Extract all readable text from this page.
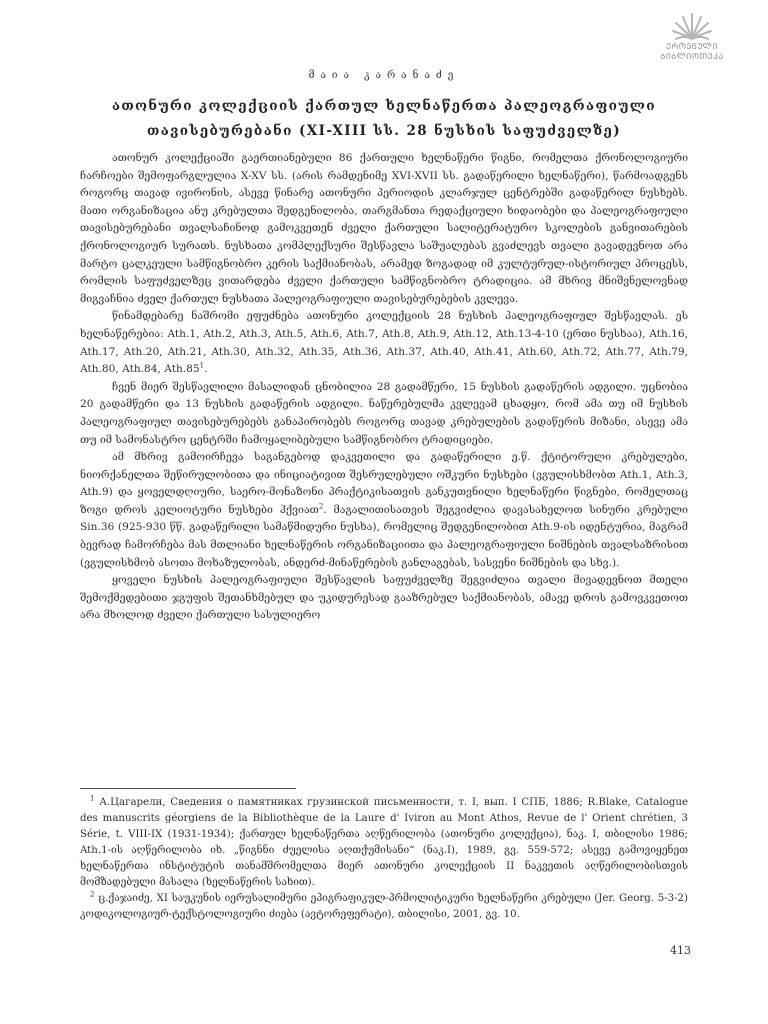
ᲔᲠᲝᲕᲜᲣᲚᲘ
ᲑᲘᲑᲚᲘᲝᲗᲔᲙᲐ
მაია კარანაძე
ათონური კოლექციის ქართულ ხელნაწერთა პალეოგრაფიული თავისებურებანი (XI-XIII სს. 28 ნუსხის საფუძველზე)

ათონურ კოლექციაში გაერთიანებული 86 ქართული ხელნაწერი წიგნი, რომელთა ქრონოლოგიური ჩარჩოები შემოფარგლულია X-XV სს. (არის რამდენიმე XVI-XVII სს. გადაწერილი ხელნაწერი), წარმოადგენს როგორც თავად ივირონის, ასევე წინარე ათონური პერიოდის კლარჯულ ცენტრებში გადაწერილ ნუსხებს. მათი ორგანიზაცია ანუ კრებულთა შედგენილობა, თარგმანთა რედაქციული ხიდაობები და პალეოგრაფიული თავისებურებანი თვალსაჩინოდ გამოკვეთენ ძველი ქართული სალიტერატურო სკოლების განვითარების ქრონოლოგიურ სურათს. ნუსხათა კომპლექსური შესწავლა საშუალებას გვაძლევს თვალი გავადევნოთ არა მარტო ცალკეული სამწიგნობრო კერის საქმიანობას, არამედ ზოგადად იმ კულტურულ-ისტორიულ პროცესს, რომლის საფუძველზეც ვითარდება ძველი ქართული სამწიგნობრო ტრადიცია. ამ მხრივ მნიშვნელოვნად მიგვაჩნია ძველ ქართულ ნუსხათა პალეოგრაფიული თავისებურებების კვლევა.

წინამდებარე ნაშრომი ეფუძნება ათონური კოლექციის 28 ნუსხის პალეოგრაფიულ შესწავლას. ეს ხელნაწერებია: Ath.1, Ath.2, Ath.3, Ath.5, Ath.6, Ath.7, Ath.8, Ath.9, Ath.12, Ath.13-4-10 (ერთი ნუსხაა), Ath.16, Ath.17, Ath.20, Ath.21, Ath.30, Ath.32, Ath.35, Ath.36, Ath.37, Ath.40, Ath.41, Ath.60, Ath.72, Ath.77, Ath.79, Ath.80, Ath.84, $Ath.85^1$.

ჩვენ მიერ შესწავლილი მასალიდან ცნობილია 28 გადამწერი, 15 ნუსხის გადაწერის ადგილი. უცნობია 20 გადამწერი და 13 ნუსხის გადაწერის ადგილი. ნაწერებულმა კვლევამ ცხადყო, რომ ამა თუ იმ ნუსხის პალეოგრაფიულ თავისებურებებს განაპირობებს როგორც თავად კრებულების გადაწერის მიზანი, ასევე ამა თუ იმ სამონასტრო ცენტრში ჩამოყალიბებული სამწიგნობრო ტრადიციები.

ამ მხრივ გამოირჩევა საგანგებოდ დაკვეთილი და გადაწერილი ე.წ. ქტიტორული კრებულები, ნიორქანელთა შეწირულობითა და ინიციატივით შესრულებული ოშკური ნუსხები (ვგულისხმობთ Ath.1, Ath.3, Ath.9) და ყოველდღიური, საერო-მონაზონი პრაქტიკისათვის განკუთვნილი ხელნაწერი წიგნები, რომელთაც ზოგი დროს კელიოტური ნუსხები ჰქვიათ$^2$. მაგალითისათვის შეგვიძლია დავასახელოთ სინური კრებული Sin.36 (925-930 წწ. გადაწერილი სამაწმიდური ნუსხა), რომელიც შედგენილობით Ath.9-ის იდენტურია, მაგრამ ბევრად ჩამორჩება მას მთლიანი ხელნაწერის ორგანიზაციითა და პალეოგრაფიული ნიშნების თვალსაზრისით (ვგულისხმობ ასოთა მოხაზულობას, ანდერძ-მინაწერების განლაგებას, სასვენი ნიშნების და სხვ.).

ყოველი ნუსხის პალეოგრაფიული შესწავლის საფუძველზე შეგვიძლია თვალი მივადევნოთ მთელი შემოქმედებითი ჯგუფის შეთანხმებულ და უკიდურესად გააზრებულ საქმიანობას, ამავე დროს გამოვკვეთოთ არა მხოლოდ ძველი ქართული სასულიერო

$^1$ А.Цагарели, Сведения о памятниках грузинской письменности, т. I, вып. I СПБ, 1886; R.Blake, Catalogue des manuscrits géorgiens de la Bibliothèque de la Laure d' Iviron au Mont Athos, Revue de l' Orient chrétien, 3 Série, t. VIII-IX (1931-1934); ქართულ ხელნაწერთა აღწერილობა (ათონური კოლექცია), ნაკ. I, თბილისი 1986; Ath.1-ის აღწერილობა იხ. „წიგნნი ძუელისა აღთქუმისანი“ (ნაკ.I), 1989, გვ. 559-572; ასევე გამოვიყენეთ ხელნაწერთა ინსტიტუტის თანამშრომელთა მიერ ათონური კოლექციის II ნაკვეთის აღწერილობისთვის მომზადებული მასალა (ხელნაწერის სახით).

$^2$ ც.ქაჯაიძე, XI საუკუნის იერუსალიმური ეპიგრაფიკულ-პრმოლიტიკური ხელნაწერი კრებული (Jer. Georg. 5-3-2) კოდიკოლოგიურ-ტექსტოლოგიური ძიება (ავტორეფერატი), თბილისი, 2001, გვ. 10.

413
